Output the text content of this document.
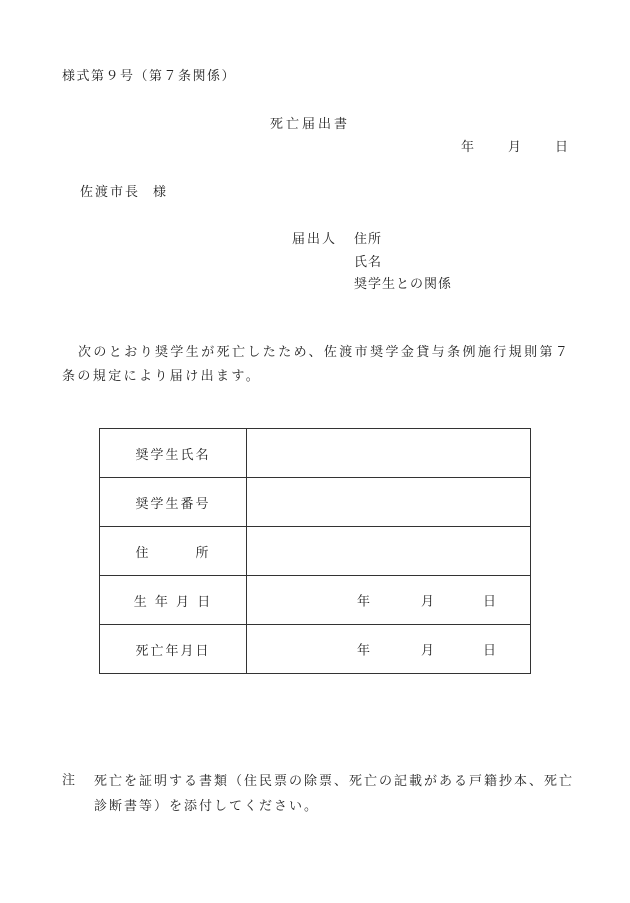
様式第９号（第７条関係）
死亡届出書
年	月	日
佐渡市長 様
届出人 住所
氏名
奨学生との関係
次のとおり奨学生が死亡したため、佐渡市奨学金貸与条例施行規則第７条の規定により届け出ます。
奨学生氏名	
奨学生番号	
住　　　所	
生 年 月 日	年 月 日

死亡年月日	年 月 日
注 死亡を証明する書類（住民票の除票、死亡の記載がある戸籍抄本、死亡診断書等）を添付してください。
